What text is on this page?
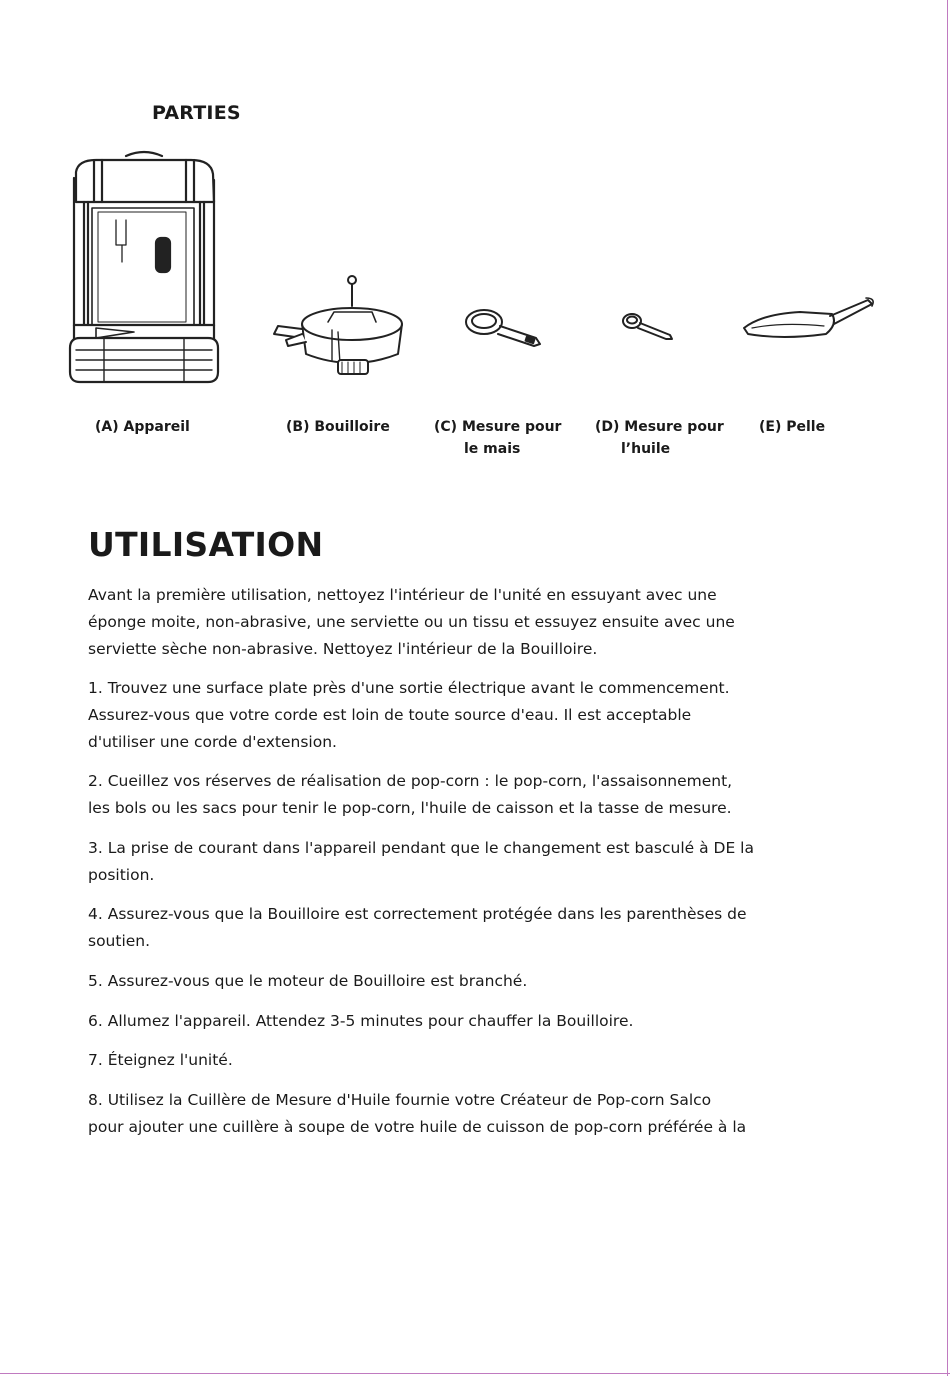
PARTIES
(A) Appareil	(B) Bouilloire	(C) Mesure pour
le mais
(D) Mesure pour
l’huile
(E) Pelle
UTILISATION

Avant la première utilisation, nettoyez l'intérieur de l'unité en essuyant avec une
éponge moite, non-abrasive, une serviette ou un tissu et essuyez ensuite avec une
serviette sèche non-abrasive. Nettoyez l'intérieur de la Bouilloire.

1. Trouvez une surface plate près d'une sortie électrique avant le commencement.
Assurez-vous que votre corde est loin de toute source d'eau. Il est acceptable
d'utiliser une corde d'extension.

2. Cueillez vos réserves de réalisation de pop-corn : le pop-corn, l'assaisonnement,
les bols ou les sacs pour tenir le pop-corn, l'huile de caisson et la tasse de mesure.

3. La prise de courant dans l'appareil pendant que le changement est basculé à DE la
position.

4. Assurez-vous que la Bouilloire est correctement protégée dans les parenthèses de
soutien.

5. Assurez-vous que le moteur de Bouilloire est branché.

6. Allumez l'appareil. Attendez 3-5 minutes pour chauffer la Bouilloire.

7. Éteignez l'unité.

8. Utilisez la Cuillère de Mesure d'Huile fournie votre Créateur de Pop-corn Salco
pour ajouter une cuillère à soupe de votre huile de cuisson de pop-corn préférée à la
